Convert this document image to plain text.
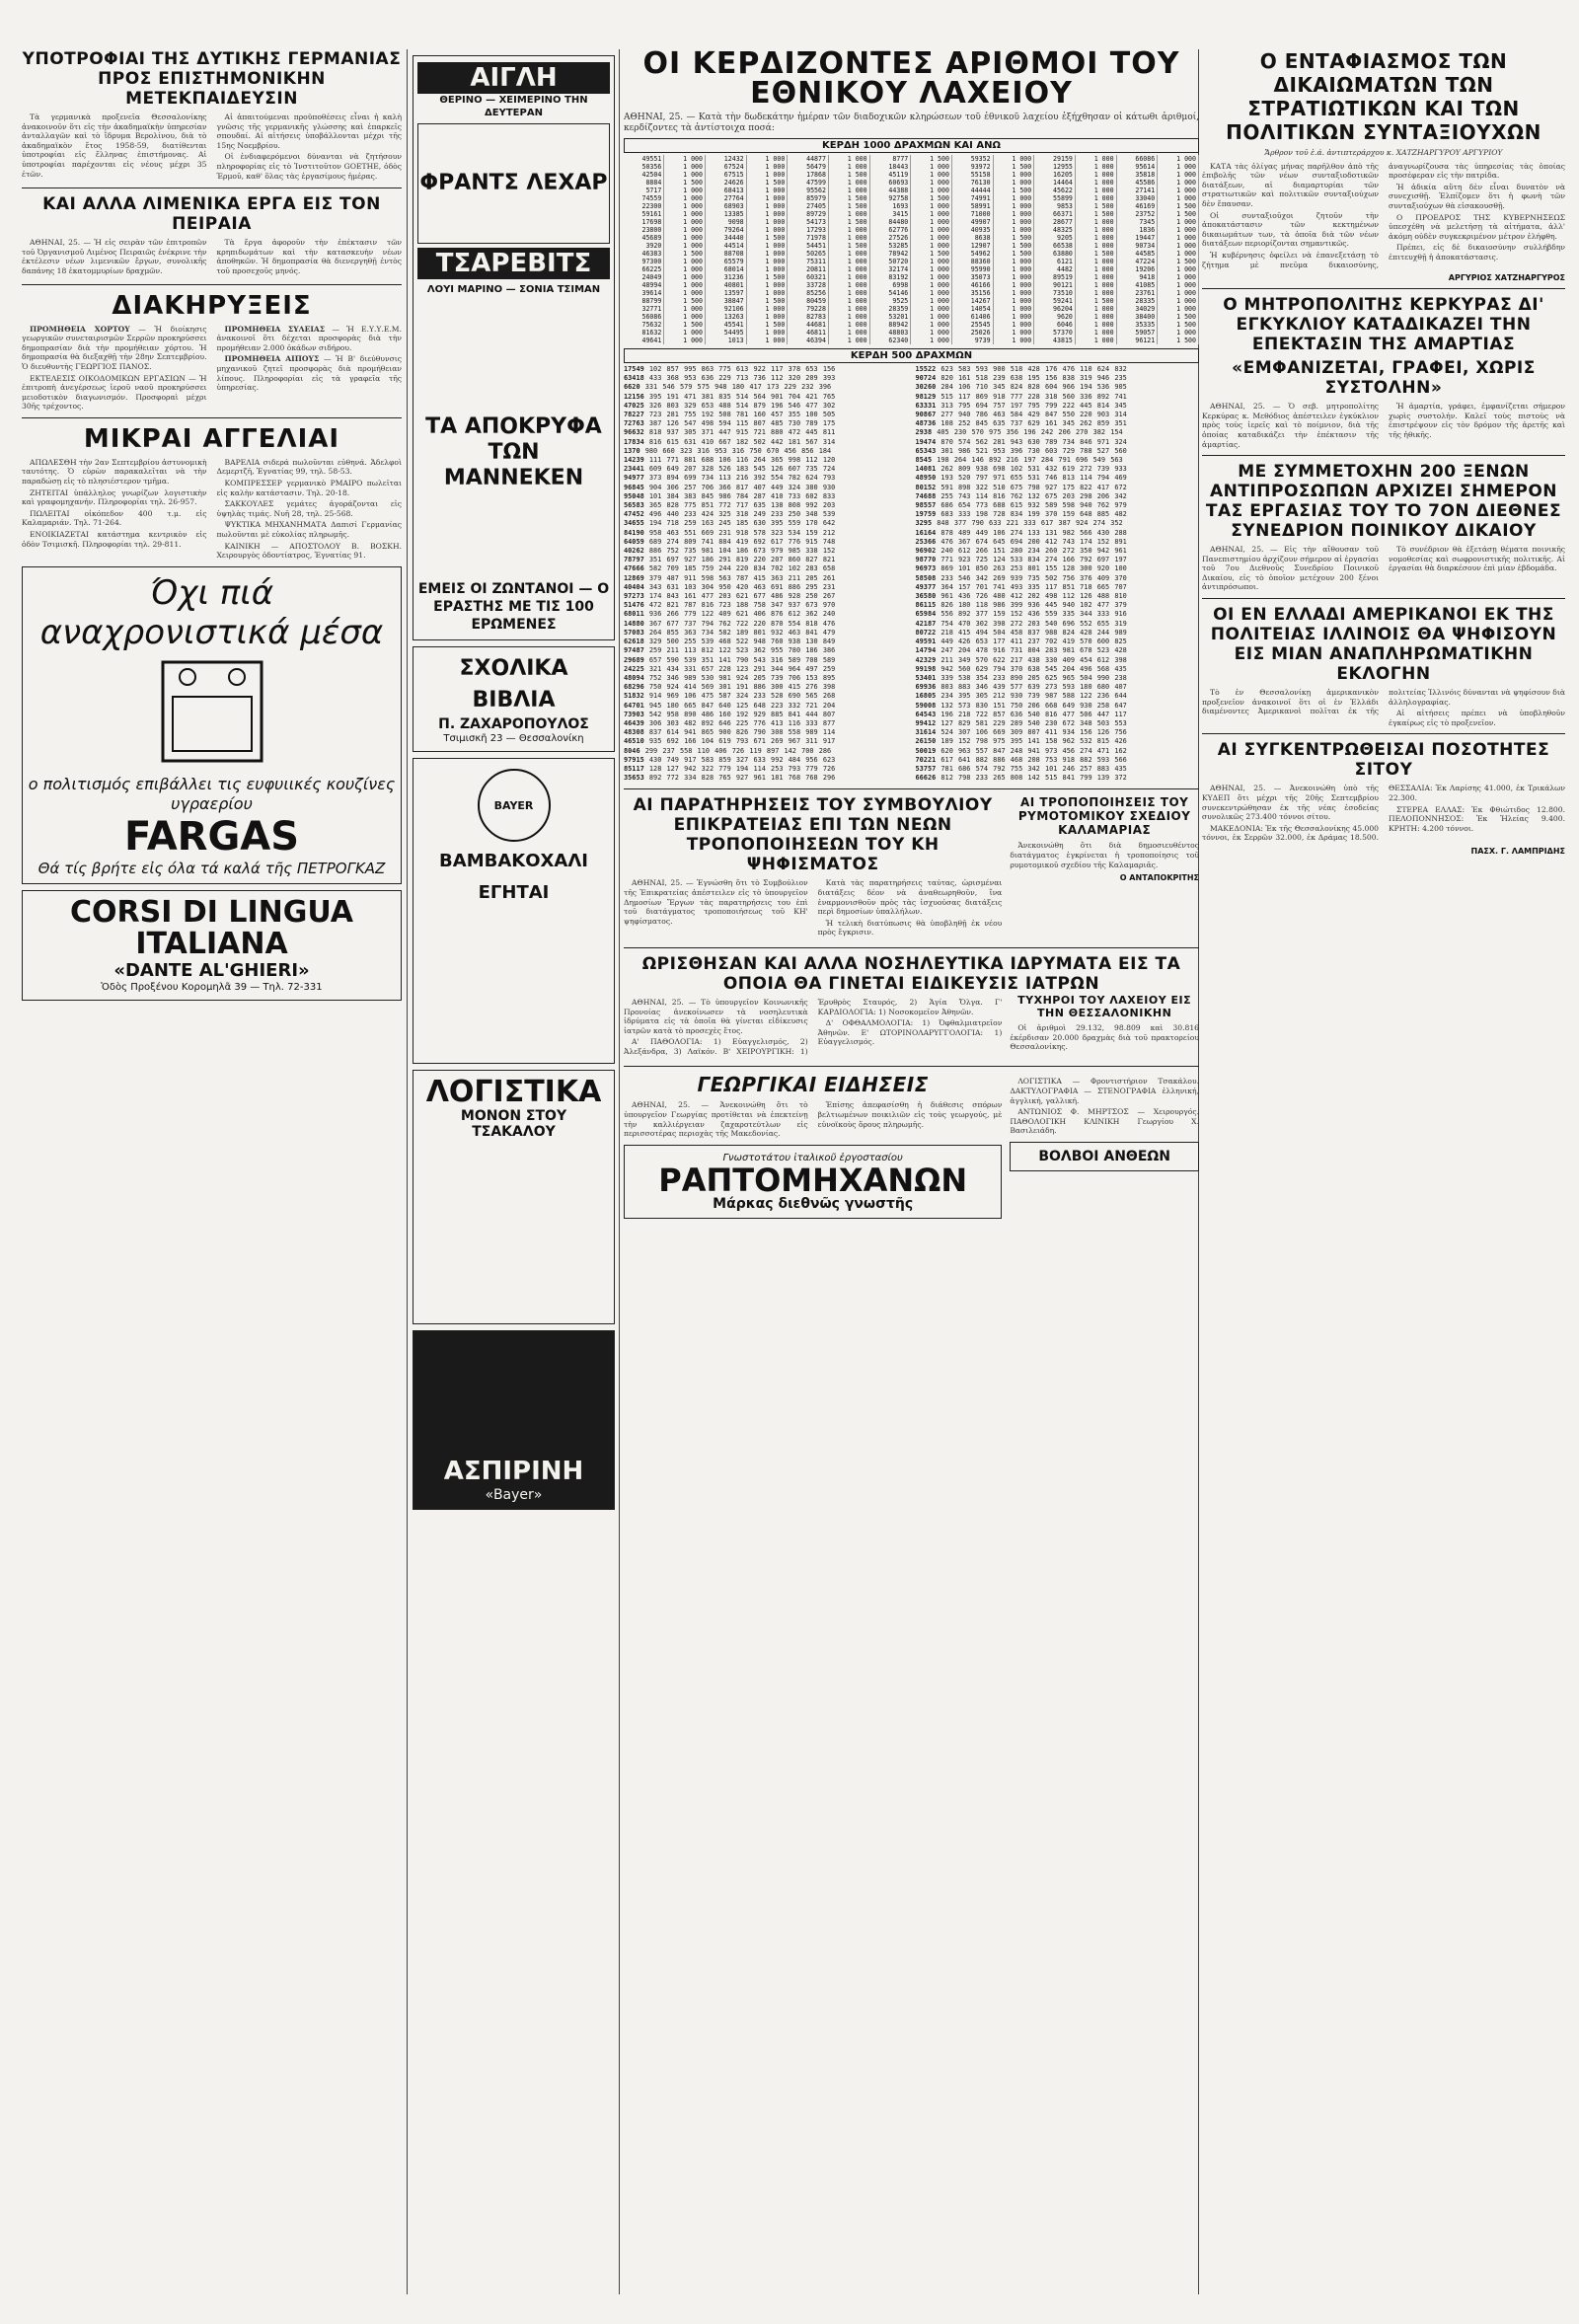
ΥΠΟΤΡΟΦΙΑΙ ΤΗΣ ΔΥΤΙΚΗΣ ΓΕΡΜΑΝΙΑΣ ΠΡΟΣ ΕΠΙΣΤΗΜΟΝΙΚΗΝ ΜΕΤΕΚΠΑΙΔΕΥΣΙΝ

Τὰ γερμανικὰ προξενεῖα Θεσσαλονίκης ἀνακοινοῦν ὅτι εἰς τὴν ἀκαδημαϊκὴν ὑπηρεσίαν ἀνταλλαγῶν καὶ τὸ ἵδρυμα Βερολίνου, διὰ τὸ ἀκαδημαϊκὸν ἔτος 1958-59, διατίθενται ὑποτροφίαι εἰς ἕλληνας ἐπιστήμονας. Αἱ ὑποτροφίαι παρέχονται εἰς νέους μέχρι 35 ἐτῶν.

Αἱ ἀπαιτούμεναι προϋποθέσεις εἶναι ἡ καλὴ γνῶσις τῆς γερμανικῆς γλώσσης καὶ ἐπαρκεῖς σπουδαί. Αἱ αἰτήσεις ὑποβάλλονται μέχρι τῆς 15ης Νοεμβρίου.

Οἱ ἐνδιαφερόμενοι δύνανται νὰ ζητήσουν πληροφορίας εἰς τὸ Ἰνστιτοῦτον GOETHE, ὁδὸς Ἐρμοῦ, καθ' ὅλας τὰς ἐργασίμους ἡμέρας.

ΚΑΙ ΑΛΛΑ ΛΙΜΕΝΙΚΑ ΕΡΓΑ ΕΙΣ ΤΟΝ ΠΕΙΡΑΙΑ

ΑΘΗΝΑΙ, 25. — Ἡ εἰς σειρὰν τῶν ἐπιτροπῶν τοῦ Ὀργανισμοῦ Λιμένος Πειραιῶς ἐνέκρινε τὴν ἐκτέλεσιν νέων λιμενικῶν ἔργων, συνολικῆς δαπάνης 18 ἑκατομμυρίων δραχμῶν.

Τὰ ἔργα ἀφοροῦν τὴν ἐπέκτασιν τῶν κρηπιδωμάτων καὶ τὴν κατασκευὴν νέων ἀποθηκῶν. Ἡ δημοπρασία θὰ διενεργηθῇ ἐντὸς τοῦ προσεχοῦς μηνός.

ΔΙΑΚΗΡΥΞΕΙΣ

ΠΡΟΜΗΘΕΙΑ ΧΟΡΤΟΥ — Ἡ διοίκησις γεωργικῶν συνεταιρισμῶν Σερρῶν προκηρύσσει δημοπρασίαν διὰ τὴν προμήθειαν χόρτου. Ἡ δημοπρασία θὰ διεξαχθῇ τὴν 28ην Σεπτεμβρίου. Ὁ διευθυντὴς ΓΕΩΡΓΙΟΣ ΠΑΝΟΣ.

ΕΚΤΕΛΕΣΙΣ ΟΙΚΟΔΟΜΙΚΩΝ ΕΡΓΑΣΙΩΝ — Ἡ ἐπιτροπὴ ἀνεγέρσεως ἱεροῦ ναοῦ προκηρύσσει μειοδοτικὸν διαγωνισμόν. Προσφοραὶ μέχρι 30ῆς τρέχοντος.

ΠΡΟΜΗΘΕΙΑ ΣΥΛΕΙΑΣ — Ἡ Ε.Υ.Υ.Ε.Μ. ἀνακοινοῖ ὅτι δέχεται προσφορὰς διὰ τὴν προμήθειαν 2.000 ὀκάδων σιδήρου.

ΠΡΟΜΗΘΕΙΑ ΑΙΠΟΥΣ — Ἡ Β' διεύθυνσις μηχανικοῦ ζητεῖ προσφορὰς διὰ προμήθειαν λίπους. Πληροφορίαι εἰς τὰ γραφεῖα τῆς ὑπηρεσίας.

ΜΙΚΡΑΙ ΑΓΓΕΛΙΑΙ

ΑΠΩΛΕΣΘΗ τὴν 2αν Σεπτεμβρίου ἀστυνομικὴ ταυτότης. Ὁ εὑρὼν παρακαλεῖται νὰ τὴν παραδώσῃ εἰς τὸ πλησιέστερον τμῆμα.

ΖΗΤΕΙΤΑΙ ὑπάλληλος γνωρίζων λογιστικὴν καὶ γραφομηχανήν. Πληροφορίαι τηλ. 26-957.

ΠΩΛΕΙΤΑΙ οἰκόπεδον 400 τ.μ. εἰς Καλαμαριάν. Τηλ. 71-264.

ΕΝΟΙΚΙΑΖΕΤΑΙ κατάστημα κεντρικὸν εἰς ὁδὸν Τσιμισκῆ. Πληροφορίαι τηλ. 29-811.

ΒΑΡΕΛΙΑ σιδερά πωλοῦνται εὐθηνά. Ἀδελφοὶ Δεμερτζῆ, Ἐγνατίας 99, τηλ. 58-53.

ΚΟΜΠΡΕΣΣΕΡ γερμανικὸ ΡΜΑΙΡΟ πωλεῖται εἰς καλὴν κατάστασιν. Τηλ. 20-18.

ΣΑΚΚΟΥΛΕΣ γεμάτες ἀγοράζονται εἰς ὑψηλὰς τιμάς. Νυῆ 28, τηλ. 25-568.

ΨΥΚΤΙΚΑ ΜΗΧΑΝΗΜΑΤΑ Δαπισί Γερμανίας πωλοῦνται μὲ εὐκολίας πληρωμῆς.

ΚΑΙΝΙΚΗ — ΑΠΟΣΤΟΛΟΥ Β. ΒΟΣΚΗ. Χειρουργὸς ὀδοντίατρος, Ἐγνατίας 91.

Όχι πιά αναχρονιστικά μέσα
ο πολιτισμός επιβάλλει τις ευφυιικές κουζίνες υγραερίου
FARGAS
Θά τίς βρήτε εἰς όλα τά καλά τῆς ΠΕΤΡΟΓΚΑΖ
CORSI DI LINGUA ITALIANA
«DANTE AL'GHIERI»
Ὁδὸς Προξένου Κορομηλᾶ 39 — Τηλ. 72-331
ΑΙΓΛΗ
ΘΕΡΙΝΟ — ΧΕΙΜΕΡΙΝΟ ΤΗΝ ΔΕΥΤΕΡΑΝ
ΦΡΑΝΤΣ ΛΕΧΑΡ
ΤΣΑΡΕΒΙΤΣ
ΛΟΥΙ ΜΑΡΙΝΟ — ΣΟΝΙΑ ΤΣΙΜΑΝ
ΤΑ ΑΠΟΚΡΥΦΑ ΤΩΝ ΜΑΝΝΕΚΕΝ
ΕΜΕΙΣ ΟΙ ΖΩΝΤΑΝΟΙ — Ο ΕΡΑΣΤΗΣ ΜΕ ΤΙΣ 100 ΕΡΩΜΕΝΕΣ
ΣΧΟΛΙΚΑ ΒΙΒΛΙΑ
Π. ΖΑΧΑΡΟΠΟΥΛΟΣ
Τσιμισκῆ 23 — Θεσσαλονίκη
BAYER
ΒΑΜΒΑΚΟΧΑΛΙ ΕΓΗΤΑΙ
ΛΟΓΙΣΤΙΚΑ
ΜΟΝΟΝ ΣΤΟΥ ΤΣΑΚΑΛΟΥ
ΑΣΠΙΡΙΝΗ
«Bayer»
ΟΙ ΚΕΡΔΙΖΟΝΤΕΣ ΑΡΙΘΜΟΙ ΤΟΥ ΕΘΝΙΚΟΥ ΛΑΧΕΙΟΥ
ΑΘΗΝΑΙ, 25. — Κατὰ τὴν δωδεκάτην ἡμέραν τῶν διαδοχικῶν κληρώσεων τοῦ ἐθνικοῦ λαχείου ἐξήχθησαν οἱ κάτωθι ἀριθμοί, κερδίζοντες τὰ ἀντίστοιχα ποσά:
ΚΕΡΔΗ 1000 ΔΡΑΧΜΩΝ ΚΑΙ ΑΝΩ
49551	1 000	12432	1 000	44877	1 000	8777	1 500	59352	1 000	29159	1 000	66086	1 000
50356	1 000	67524	1 000	56479	1 000	18443	1 000	93972	1 500	12955	1 000	95614	1 000
42504	1 000	67515	1 000	17868	1 500	45119	1 000	55158	1 000	16205	1 000	35818	1 000
8884	1 500	24626	1 500	47599	1 000	60693	1 000	76130	1 000	14464	1 000	45586	1 000
5717	1 000	68413	1 000	95562	1 000	44388	1 000	44444	1 500	45622	1 000	27141	1 000
74559	1 000	27764	1 000	85979	1 500	92758	1 500	74991	1 000	55899	1 000	33040	1 000
22300	1 000	68903	1 000	27405	1 500	1693	1 000	58991	1 000	9853	1 500	46169	1 500
59161	1 000	13385	1 000	89729	1 000	3415	1 000	71000	1 000	66371	1 500	23752	1 500
17698	1 000	9098	1 000	54173	1 500	84480	1 000	49907	1 000	28677	1 000	7345	1 000
23800	1 000	79264	1 000	17293	1 000	62776	1 000	40935	1 000	48325	1 000	1836	1 000
45689	1 000	34440	1 500	71978	1 000	27526	1 000	8638	1 500	9205	1 000	19447	1 000
3920	1 000	44514	1 000	54451	1 500	53285	1 000	12907	1 500	66538	1 000	90734	1 000
46383	1 500	88708	1 000	50265	1 000	78942	1 500	54962	1 500	63880	1 500	44585	1 000
97300	1 000	65579	1 000	75311	1 000	50720	1 000	88360	1 000	6121	1 000	47224	1 500
66225	1 000	68014	1 000	20811	1 000	32174	1 000	95990	1 000	4482	1 000	19206	1 000
24049	1 000	31236	1 500	60321	1 000	83192	1 000	35073	1 000	89519	1 000	9418	1 000
48994	1 000	40801	1 000	33728	1 000	6998	1 000	46166	1 000	90121	1 000	41085	1 000
39614	1 000	13597	1 000	85256	1 000	54146	1 000	35156	1 000	73510	1 000	23761	1 000
88799	1 500	38847	1 500	80459	1 000	9525	1 000	14267	1 000	59241	1 500	28335	1 000
32771	1 000	92106	1 000	79228	1 000	28359	1 000	14054	1 000	96204	1 000	34029	1 000
56086	1 000	13263	1 000	82783	1 000	53201	1 000	61406	1 000	9620	1 000	38400	1 500
75632	1 500	45541	1 500	44681	1 000	88942	1 000	25545	1 000	6046	1 000	35335	1 500
81632	1 000	54495	1 000	46811	1 000	48803	1 000	25026	1 000	57370	1 000	59057	1 000
49641	1 000	1013	1 000	46394	1 000	62340	1 000	9739	1 000	43815	1 000	96121	1 500
ΚΕΡΔΗ 500 ΔΡΑΧΜΩΝ
17549 102 857 995 863 775 613 922 117 378 653 156
63418 433 368 953 636 229 713 736 112 320 209 393
6620 331 546 579 575 948 180 417 173 229 232 396
12156 395 191 471 381 835 514 564 901 704 421 765
47025 326 803 329 653 488 514 879 196 546 477 302
78227 723 281 755 192 508 781 160 457 355 100 505
72763 387 126 547 498 594 115 807 485 730 789 175
96632 818 937 305 371 447 915 721 880 472 445 811
17834 816 615 631 410 667 182 502 442 181 567 314
1370 980 660 323 316 953 316 750 670 456 856 184
14239 111 771 881 688 106 116 264 365 998 112 120
23441 609 649 207 328 526 183 545 126 607 735 724
94977 373 894 699 734 113 216 392 554 782 624 793
96845 904 306 257 706 366 817 407 449 324 380 930
95048 101 384 383 845 986 784 287 410 733 602 833
56583 365 828 775 851 772 717 635 138 808 992 203
47452 496 440 233 424 325 318 249 233 250 348 539
34655 194 718 259 163 245 185 630 395 559 170 642
84190 958 463 551 669 231 918 578 323 534 159 212
64059 689 274 809 741 884 419 692 617 776 915 748
40262 886 752 735 981 104 186 673 979 985 338 152
78797 351 697 927 186 291 819 220 207 860 827 821
47666 582 709 185 759 244 220 834 702 102 283 658
12869 379 487 911 598 563 787 415 363 211 205 261
40404 343 631 103 304 950 420 463 691 886 295 231
97273 174 843 161 477 203 621 677 486 928 250 267
51476 472 821 787 816 723 188 758 347 937 673 970
68011 936 266 779 122 409 621 406 876 612 362 240
14880 367 677 737 794 762 722 220 870 554 818 476
57083 264 855 363 734 582 189 801 932 463 841 479
62618 329 500 255 539 468 522 948 760 938 130 849
97487 259 211 113 812 122 523 362 955 780 186 386
29689 657 590 539 351 141 790 543 316 589 708 589
24225 321 434 331 657 228 123 291 344 964 497 259
48094 752 346 989 530 981 924 205 739 706 153 895
68296 750 924 414 569 301 191 886 300 415 276 398
51832 914 969 106 475 587 324 233 528 690 565 268
64701 945 180 665 847 640 125 648 223 332 721 204
73903 542 958 890 486 160 192 929 885 841 444 807
46439 306 303 482 892 646 225 776 413 116 333 877
48308 837 614 941 865 900 826 790 308 558 989 114
46510 935 692 166 104 619 793 671 269 967 311 917
8046 299 237 558 110 406 726 119 897 142 700 286
97915 430 749 917 583 859 327 633 992 484 956 623
85117 128 127 942 322 779 194 114 253 793 779 726
35653 892 772 334 828 765 927 961 181 768 768 296
15522 623 583 593 900 518 428 176 476 110 624 832
90724 820 161 518 239 638 195 156 838 319 946 235
30260 284 106 710 345 824 828 604 966 194 536 905
98129 515 117 869 918 777 228 318 560 336 892 741
63331 313 795 694 757 197 795 799 222 445 814 345
90867 277 940 786 463 584 429 847 550 220 903 314
48736 108 252 845 635 737 629 161 345 262 859 351
2938 405 230 570 975 356 196 242 206 270 382 154
19474 870 574 562 281 943 630 789 734 846 971 324
65343 301 986 521 953 396 730 603 729 788 527 560
8545 198 264 146 892 216 197 284 791 696 549 563
14081 262 809 938 698 102 531 432 619 272 739 933
48950 193 520 797 971 655 531 746 813 114 794 469
80152 591 898 322 510 675 798 927 175 822 417 672
74688 255 743 114 816 762 132 675 203 298 206 342
98557 686 654 773 688 615 932 589 598 940 762 979
19759 683 333 198 728 834 199 370 159 648 885 482
3295 848 377 790 633 221 333 617 387 924 274 352
16164 878 489 449 106 274 133 131 982 566 430 288
25366 476 367 674 645 694 200 412 743 174 152 891
96902 240 612 266 151 280 234 260 272 350 942 961
98770 771 923 725 124 533 834 274 166 792 697 197
96973 869 101 850 263 253 801 155 128 300 920 100
58508 233 546 342 269 939 735 502 756 376 409 370
49377 364 157 701 741 493 335 117 851 718 665 707
36580 961 436 726 480 412 202 498 112 126 488 810
86115 826 180 118 986 399 936 445 940 102 477 379
65984 556 892 377 159 152 436 559 335 344 333 916
42187 754 470 302 398 272 203 540 696 552 655 319
80722 218 415 494 504 458 837 988 824 428 244 989
49591 449 426 653 177 411 237 702 419 570 600 825
14794 247 204 478 916 731 804 283 981 678 523 428
42329 211 349 570 622 217 438 330 409 454 612 398
99198 942 560 629 794 370 638 545 204 496 568 435
53401 339 538 354 233 890 205 625 965 504 990 238
69936 803 883 346 439 577 639 273 593 180 680 407
16805 234 395 305 212 930 739 987 588 122 236 644
59008 132 573 830 151 750 206 668 649 930 258 647
64543 196 218 722 857 636 540 816 477 506 447 117
99412 127 829 581 229 289 540 230 672 348 503 553
31614 524 307 106 669 309 807 411 934 156 126 756
26150 189 152 798 975 395 141 158 962 532 815 426
50019 620 963 557 847 248 941 973 456 274 471 162
70221 617 641 882 886 468 208 753 918 882 593 566
53757 781 686 574 792 755 342 101 246 257 883 435
66626 812 798 233 265 808 142 515 841 799 139 372

ΑΙ ΠΑΡΑΤΗΡΗΣΕΙΣ ΤΟΥ ΣΥΜΒΟΥΛΙΟΥ ΕΠΙΚΡΑΤΕΙΑΣ ΕΠΙ ΤΩΝ ΝΕΩΝ ΤΡΟΠΟΠΟΙΗΣΕΩΝ ΤΟΥ ΚΗ ΨΗΦΙΣΜΑΤΟΣ

ΑΘΗΝΑΙ, 25. — Ἐγνώσθη ὅτι τὸ Συμβούλιον τῆς Ἐπικρατείας ἀπέστειλεν εἰς τὸ ὑπουργεῖον Δημοσίων Ἔργων τὰς παρατηρήσεις του ἐπὶ τοῦ διατάγματος τροποποιήσεως τοῦ ΚΗ' ψηφίσματος.

Κατὰ τὰς παρατηρήσεις ταύτας, ὡρισμέναι διατάξεις δέον νὰ ἀναθεωρηθοῦν, ἵνα ἐναρμονισθοῦν πρὸς τὰς ἰσχυούσας διατάξεις περὶ δημοσίων ὑπαλλήλων.

Ἡ τελικὴ διατύπωσις θὰ ὑποβληθῇ ἐκ νέου πρὸς ἔγκρισιν.

ΑΙ ΤΡΟΠΟΠΟΙΗΣΕΙΣ ΤΟΥ ΡΥΜΟΤΟΜΙΚΟΥ ΣΧΕΔΙΟΥ ΚΑΛΑΜΑΡΙΑΣ

Ἀνεκοινώθη ὅτι διὰ δημοσιευθέντος διατάγματος ἐγκρίνεται ἡ τροποποίησις τοῦ ρυμοτομικοῦ σχεδίου τῆς Καλαμαριᾶς.

Ο ΑΝΤΑΠΟΚΡΙΤΗΣ
ΩΡΙΣΘΗΣΑΝ ΚΑΙ ΑΛΛΑ ΝΟΣΗΛΕΥΤΙΚΑ ΙΔΡΥΜΑΤΑ ΕΙΣ ΤΑ ΟΠΟΙΑ ΘΑ ΓΙΝΕΤΑΙ ΕΙΔΙΚΕΥΣΙΣ ΙΑΤΡΩΝ

ΑΘΗΝΑΙ, 25. — Τὸ ὑπουργεῖον Κοινωνικῆς Προνοίας ἀνεκοίνωσεν τὰ νοσηλευτικὰ ἱδρύματα εἰς τὰ ὁποῖα θὰ γίνεται εἰδίκευσις ἰατρῶν κατὰ τὸ προσεχὲς ἔτος.

Α' ΠΑΘΟΛΟΓΙΑ: 1) Εὐαγγελισμός, 2) Ἀλεξάνδρα, 3) Λαϊκόν. Β' ΧΕΙΡΟΥΡΓΙΚΗ: 1) Ἐρυθρὸς Σταυρός, 2) Ἁγία Ὄλγα. Γ' ΚΑΡΔΙΟΛΟΓΙΑ: 1) Νοσοκομεῖον Ἀθηνῶν.

Δ' ΟΦΘΑΛΜΟΛΟΓΙΑ: 1) Ὀφθαλμιατρεῖον Ἀθηνῶν. Ε' ΩΤΟΡΙΝΟΛΑΡΥΓΓΟΛΟΓΙΑ: 1) Εὐαγγελισμός.

ΤΥΧΗΡΟΙ ΤΟΥ ΛΑΧΕΙΟΥ ΕΙΣ ΤΗΝ ΘΕΣΣΑΛΟΝΙΚΗΝ

Οἱ ἀριθμοὶ 29.132, 98.809 καὶ 30.816 ἐκέρδισαν 20.000 δραχμὰς διὰ τοῦ πρακτορείου Θεσσαλονίκης.

ΓΕΩΡΓΙΚΑΙ ΕΙΔΗΣΕΙΣ

ΑΘΗΝΑΙ, 25. — Ἀνεκοινώθη ὅτι τὸ ὑπουργεῖον Γεωργίας προτίθεται νὰ ἐπεκτείνῃ τὴν καλλιέργειαν ζαχαροτεύτλων εἰς περισσοτέρας περιοχὰς τῆς Μακεδονίας.

Ἐπίσης ἀπεφασίσθη ἡ διάθεσις σπόρων βελτιωμένων ποικιλιῶν εἰς τοὺς γεωργούς, μὲ εὐνοϊκοὺς ὅρους πληρωμῆς.

Γνωστοτάτου ἰταλικοῦ ἐργοστασίου
ΡΑΠΤΟΜΗΧΑΝΩΝ
Μάρκας διεθνῶς γνωστῆς

ΛΟΓΙΣΤΙΚΑ — Φροντιστήριον Τσακάλου. ΔΑΚΤΥΛΟΓΡΑΦΙΑ — ΣΤΕΝΟΓΡΑΦΙΑ ἑλληνική, ἀγγλική, γαλλική.

ΑΝΤΩΝΙΟΣ Φ. ΜΗΡΤΣΟΣ — Χειρουργός. ΠΑΘΟΛΟΓΙΚΗ ΚΛΙΝΙΚΗ Γεωργίου Χ. Βασιλειάδη.

ΒΟΛΒΟΙ ΑΝΘΕΩΝ
Ο ΕΝΤΑΦΙΑΣΜΟΣ ΤΩΝ ΔΙΚΑΙΩΜΑΤΩΝ ΤΩΝ ΣΤΡΑΤΙΩΤΙΚΩΝ ΚΑΙ ΤΩΝ ΠΟΛΙΤΙΚΩΝ ΣΥΝΤΑΞΙΟΥΧΩΝ
Ἄρθρον τοῦ ἐ.ά. ἀντιπτεράρχου κ. ΧΑΤΖΗΑΡΓΥΡΟΥ ΑΡΓΥΡΙΟΥ

ΚΑΤΑ τὰς ὀλίγας μήνας παρῆλθον ἀπὸ τῆς ἐπιβολῆς τῶν νέων συνταξιοδοτικῶν διατάξεων, αἱ διαμαρτυρίαι τῶν στρατιωτικῶν καὶ πολιτικῶν συνταξιούχων δὲν ἔπαυσαν.

Οἱ συνταξιοῦχοι ζητοῦν τὴν ἀποκατάστασιν τῶν κεκτημένων δικαιωμάτων των, τὰ ὁποῖα διὰ τῶν νέων διατάξεων περιορίζονται σημαντικῶς.

Ἡ κυβέρνησις ὀφείλει νὰ ἐπανεξετάσῃ τὸ ζήτημα μὲ πνεῦμα δικαιοσύνης, ἀναγνωρίζουσα τὰς ὑπηρεσίας τὰς ὁποίας προσέφεραν εἰς τὴν πατρίδα.

Ἡ ἀδικία αὕτη δὲν εἶναι δυνατὸν νὰ συνεχισθῇ. Ἐλπίζομεν ὅτι ἡ φωνὴ τῶν συνταξιούχων θὰ εἰσακουσθῇ.

Ο ΠΡΟΕΔΡΟΣ ΤΗΣ ΚΥΒΕΡΝΗΣΕΩΣ ὑπεσχέθη νὰ μελετήσῃ τὰ αἰτήματα, ἀλλ' ἀκόμη οὐδὲν συγκεκριμένον μέτρον ἐλήφθη.

Πρέπει, εἰς δὲ δικαιοσύνην συλλήβδην ἐπιτευχθῇ ἡ ἀποκατάστασις.

ΑΡΓΥΡΙΟΣ ΧΑΤΖΗΑΡΓΥΡΟΣ
Ο ΜΗΤΡΟΠΟΛΙΤΗΣ ΚΕΡΚΥΡΑΣ ΔΙ' ΕΓΚΥΚΛΙΟΥ ΚΑΤΑΔΙΚΑΖΕΙ ΤΗΝ ΕΠΕΚΤΑΣΙΝ ΤΗΣ ΑΜΑΡΤΙΑΣ
«ΕΜΦΑΝΙΖΕΤΑΙ, ΓΡΑΦΕΙ, ΧΩΡΙΣ ΣΥΣΤΟΛΗΝ»

ΑΘΗΝΑΙ, 25. — Ὁ σεβ. μητροπολίτης Κερκύρας κ. Μεθόδιος ἀπέστειλεν ἐγκύκλιον πρὸς τοὺς ἱερεῖς καὶ τὸ ποίμνιον, διὰ τῆς ὁποίας καταδικάζει τὴν ἐπέκτασιν τῆς ἁμαρτίας.

Ἡ ἁμαρτία, γράφει, ἐμφανίζεται σήμερον χωρὶς συστολήν. Καλεῖ τοὺς πιστοὺς νὰ ἐπιστρέψουν εἰς τὸν δρόμον τῆς ἀρετῆς καὶ τῆς ἠθικῆς.

ΜΕ ΣΥΜΜΕΤΟΧΗΝ 200 ΞΕΝΩΝ ΑΝΤΙΠΡΟΣΩΠΩΝ ΑΡΧΙΖΕΙ ΣΗΜΕΡΟΝ ΤΑΣ ΕΡΓΑΣΙΑΣ ΤΟΥ ΤΟ 7ΟΝ ΔΙΕΘΝΕΣ ΣΥΝΕΔΡΙΟΝ ΠΟΙΝΙΚΟΥ ΔΙΚΑΙΟΥ

ΑΘΗΝΑΙ, 25. — Εἰς τὴν αἴθουσαν τοῦ Πανεπιστημίου ἀρχίζουν σήμερον αἱ ἐργασίαι τοῦ 7ου Διεθνοῦς Συνεδρίου Ποινικοῦ Δικαίου, εἰς τὸ ὁποῖον μετέχουν 200 ξένοι ἀντιπρόσωποι.

Τὸ συνέδριον θὰ ἐξετάσῃ θέματα ποινικῆς νομοθεσίας καὶ σωφρονιστικῆς πολιτικῆς. Αἱ ἐργασίαι θὰ διαρκέσουν ἐπὶ μίαν ἑβδομάδα.

ΟΙ ΕΝ ΕΛΛΑΔΙ ΑΜΕΡΙΚΑΝΟΙ ΕΚ ΤΗΣ ΠΟΛΙΤΕΙΑΣ ΙΛΛΙΝΟΙΣ ΘΑ ΨΗΦΙΣΟΥΝ ΕΙΣ ΜΙΑΝ ΑΝΑΠΛΗΡΩΜΑΤΙΚΗΝ ΕΚΛΟΓΗΝ

Τὸ ἐν Θεσσαλονίκῃ ἀμερικανικὸν προξενεῖον ἀνακοινοῖ ὅτι οἱ ἐν Ἑλλάδι διαμένοντες Ἀμερικανοὶ πολῖται ἐκ τῆς πολιτείας Ἰλλινόις δύνανται νὰ ψηφίσουν διὰ ἀλληλογραφίας.

Αἱ αἰτήσεις πρέπει νὰ ὑποβληθοῦν ἐγκαίρως εἰς τὸ προξενεῖον.

ΑΙ ΣΥΓΚΕΝΤΡΩΘΕΙΣΑΙ ΠΟΣΟΤΗΤΕΣ ΣΙΤΟΥ

ΑΘΗΝΑΙ, 25. — Ἀνεκοινώθη ὑπὸ τῆς ΚΥΔΕΠ ὅτι μέχρι τῆς 20ῆς Σεπτεμβρίου συνεκεντρώθησαν ἐκ τῆς νέας ἐσοδείας συνολικῶς 273.400 τόννοι σίτου.

ΜΑΚΕΔΟΝΙΑ: Ἐκ τῆς Θεσσαλονίκης 45.000 τόννοι, ἐκ Σερρῶν 32.000, ἐκ Δράμας 18.500. ΘΕΣΣΑΛΙΑ: Ἐκ Λαρίσης 41.000, ἐκ Τρικάλων 22.300.

ΣΤΕΡΕΑ ΕΛΛΑΣ: Ἐκ Φθιώτιδος 12.800. ΠΕΛΟΠΟΝΝΗΣΟΣ: Ἐκ Ἠλείας 9.400. ΚΡΗΤΗ: 4.200 τόννοι.

ΠΑΣΧ. Γ. ΛΑΜΠΡΙΔΗΣ
